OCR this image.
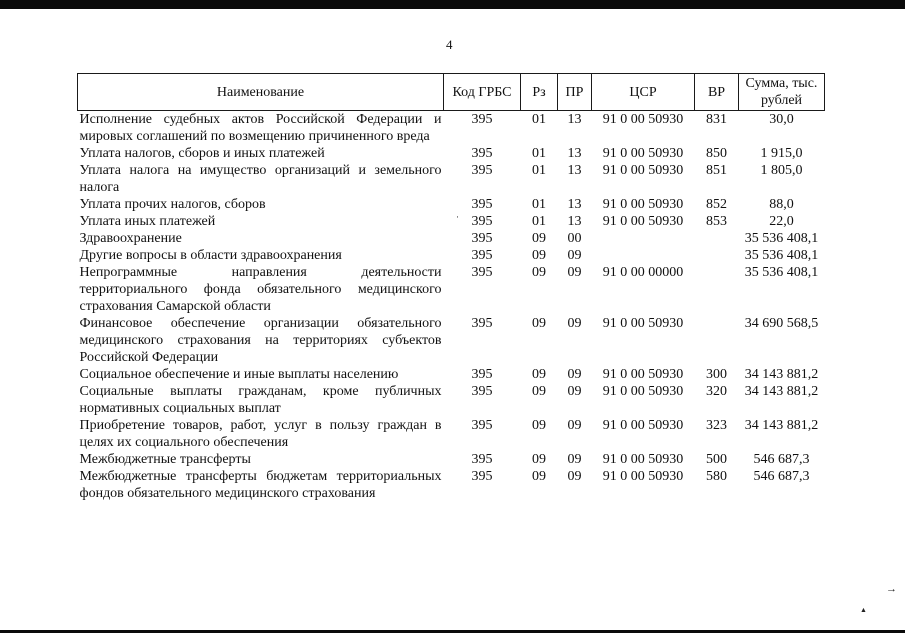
4
Наименование	Код ГРБС	Рз	ПР	ЦСР	ВР	Сумма, тыс. рублей
Исполнение судебных актов Российской Федерации и мировых соглашений по возмещению причиненного вреда	395	01	13	91 0 00 50930	831	30,0
Уплата налогов, сборов и иных платежей	395	01	13	91 0 00 50930	850	1 915,0
Уплата налога на имущество организаций и земельного налога	395	01	13	91 0 00 50930	851	1 805,0
Уплата прочих налогов, сборов	395	01	13	91 0 00 50930	852	88,0
Уплата иных платежей	395	01	13	91 0 00 50930	853	22,0
Здравоохранение	395	09	00			35 536 408,1
Другие вопросы в области здравоохранения	395	09	09			35 536 408,1
Непрограммные направления деятельности территориального фонда обязательного медицинского страхования Самарской области	395	09	09	91 0 00 00000		35 536 408,1
Финансовое обеспечение организации обязательного медицинского страхования на территориях субъектов Российской Федерации	395	09	09	91 0 00 50930		34 690 568,5
Социальное обеспечение и иные выплаты населению	395	09	09	91 0 00 50930	300	34 143 881,2
Социальные выплаты гражданам, кроме публичных нормативных социальных выплат	395	09	09	91 0 00 50930	320	34 143 881,2
Приобретение товаров, работ, услуг в пользу граждан в целях их социального обеспечения	395	09	09	91 0 00 50930	323	34 143 881,2
Межбюджетные трансферты	395	09	09	91 0 00 50930	500	546 687,3
Межбюджетные трансферты бюджетам территориальных фондов обязательного медицинского страхования	395	09	09	91 0 00 50930	580	546 687,3
·
→
▲
